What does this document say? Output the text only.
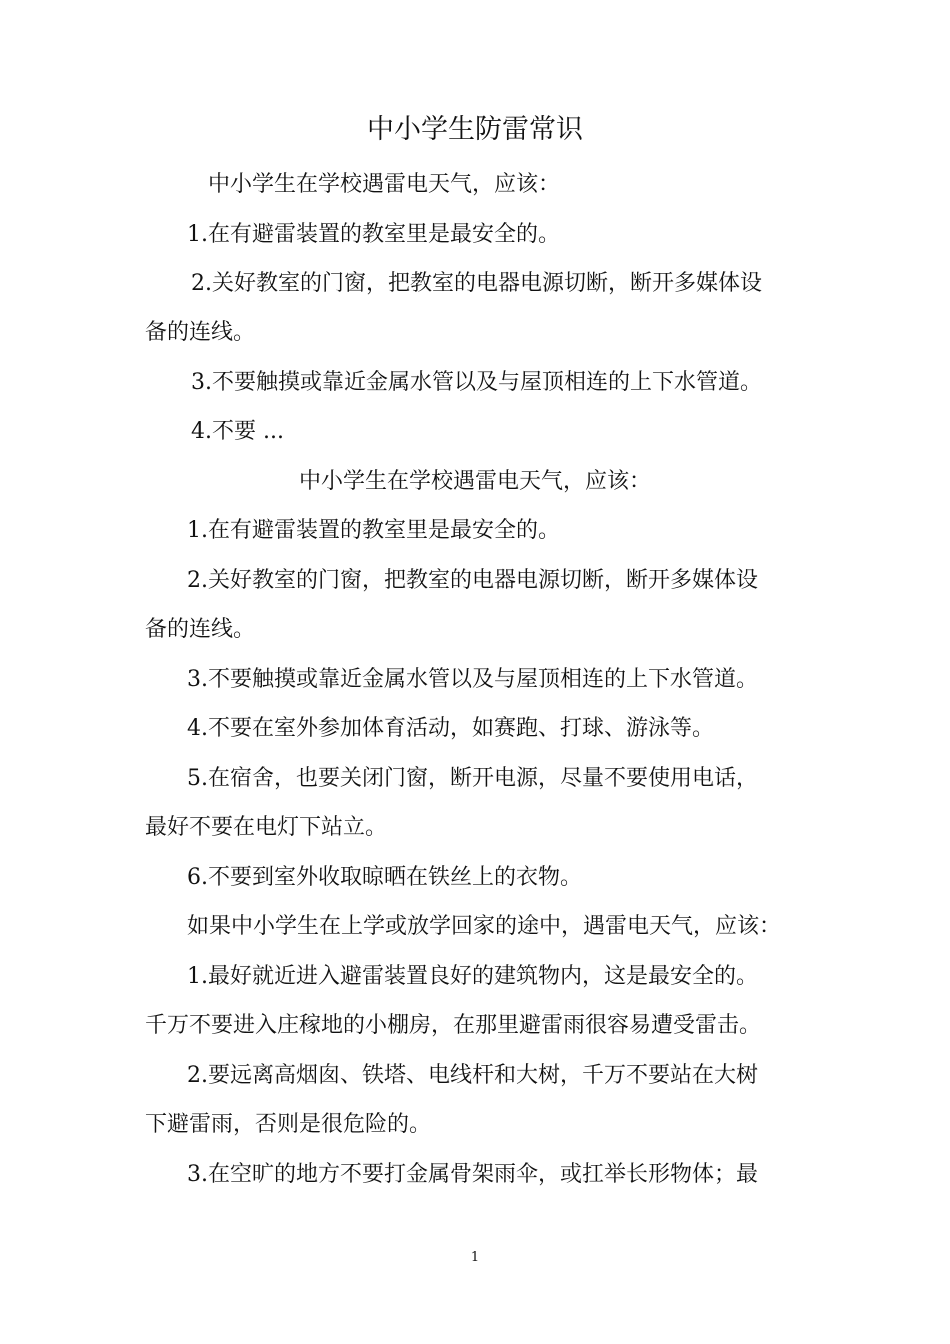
中小学生防雷常识
中小学生在学校遇雷电天气，应该：
1.在有避雷装置的教室里是最安全的。
2.关好教室的门窗，把教室的电器电源切断，断开多媒体设
备的连线。
3.不要触摸或靠近金属水管以及与屋顶相连的上下水管道。
4.不要 ...
中小学生在学校遇雷电天气，应该：
1.在有避雷装置的教室里是最安全的。
2.关好教室的门窗，把教室的电器电源切断，断开多媒体设
备的连线。
3.不要触摸或靠近金属水管以及与屋顶相连的上下水管道。
4.不要在室外参加体育活动，如赛跑、打球、游泳等。
5.在宿舍，也要关闭门窗，断开电源，尽量不要使用电话，
最好不要在电灯下站立。
6.不要到室外收取晾晒在铁丝上的衣物。
如果中小学生在上学或放学回家的途中，遇雷电天气，应该：
1.最好就近进入避雷装置良好的建筑物内，这是最安全的。
千万不要进入庄稼地的小棚房，在那里避雷雨很容易遭受雷击。
2.要远离高烟囱、铁塔、电线杆和大树，千万不要站在大树
下避雷雨，否则是很危险的。
3.在空旷的地方不要打金属骨架雨伞，或扛举长形物体；最
1
